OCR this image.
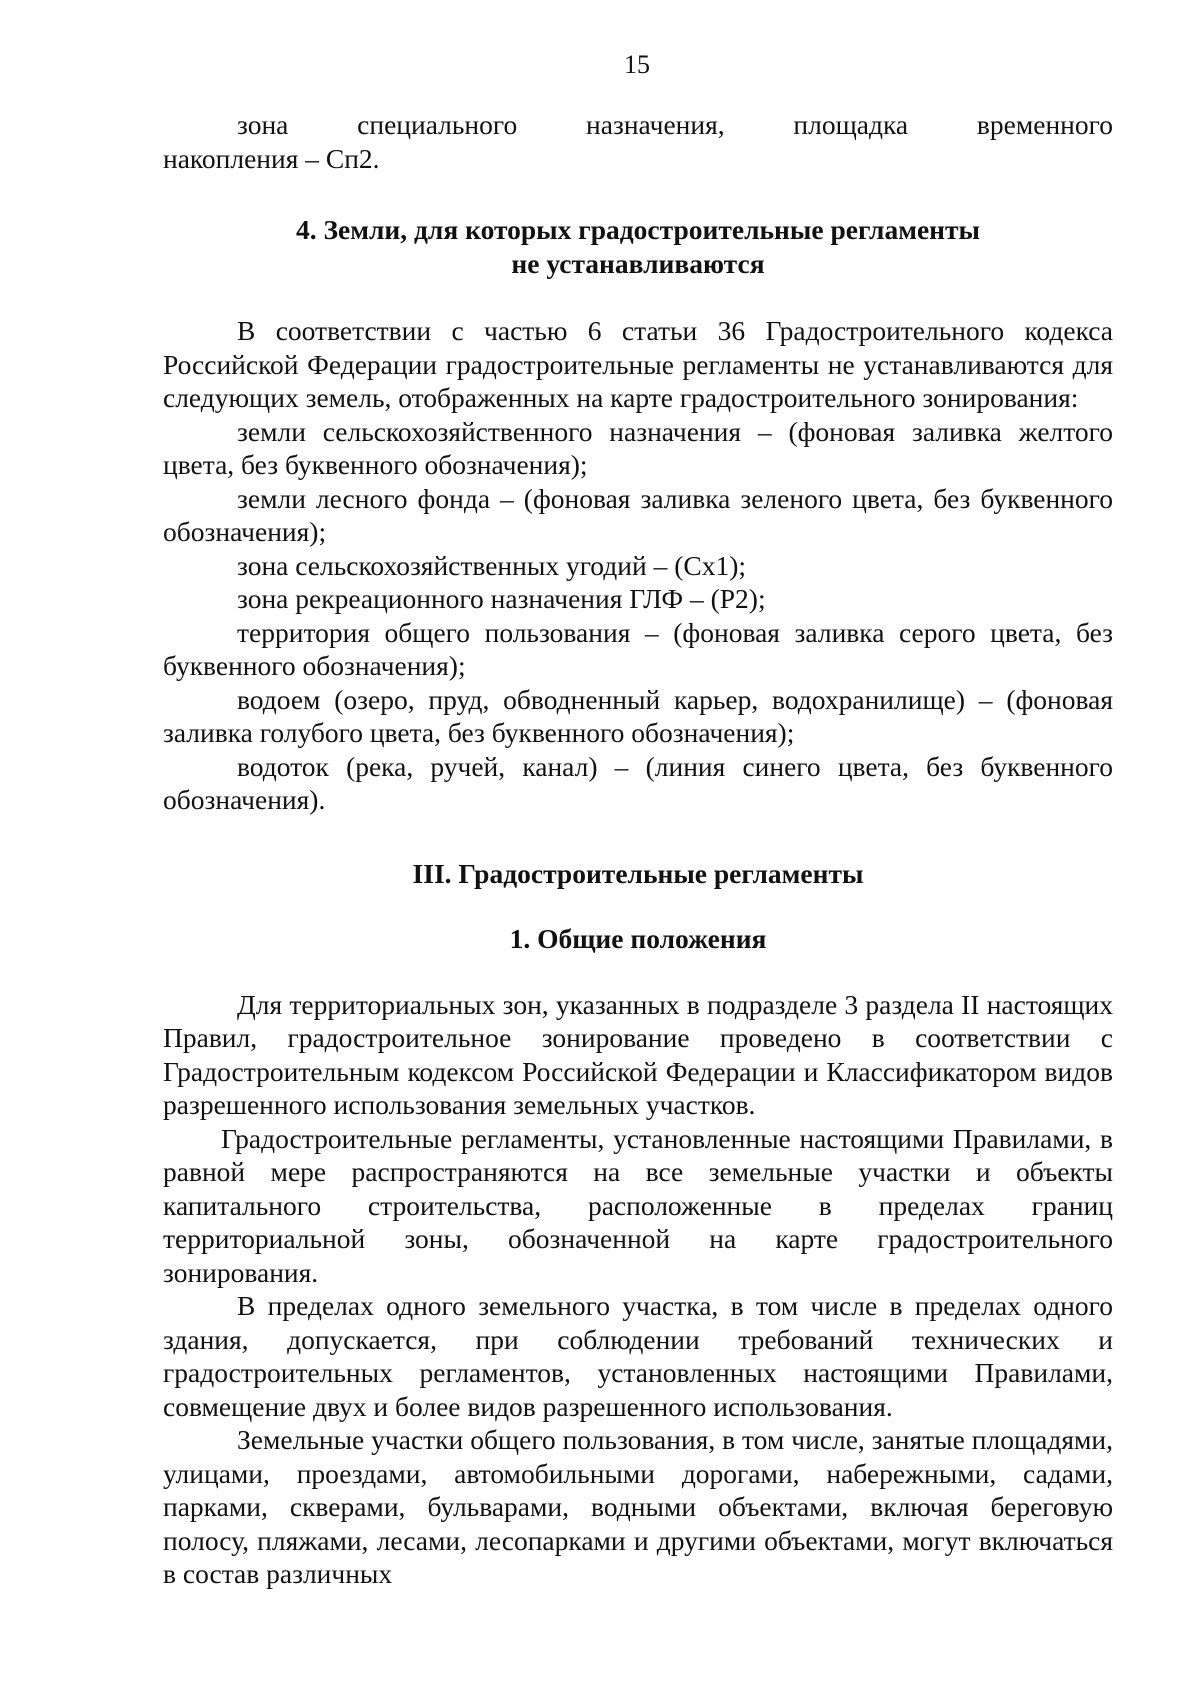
15
зона	специального	назначения,	площадка	временного

накопления – Сп2.

4. Земли, для которых градостроительные регламенты
не устанавливаются

В соответствии с частью 6 статьи 36 Градостроительного кодекса Российской Федерации градостроительные регламенты не устанавливаются для следующих земель, отображенных на карте градостроительного зонирования:

земли сельскохозяйственного назначения – (фоновая заливка желтого цвета, без буквенного обозначения);

земли лесного фонда – (фоновая заливка зеленого цвета, без буквенного обозначения);

зона сельскохозяйственных угодий – (Сх1);

зона рекреационного назначения ГЛФ – (Р2);

территория общего пользования – (фоновая заливка серого цвета, без буквенного обозначения);

водоем (озеро, пруд, обводненный карьер, водохранилище) – (фоновая заливка голубого цвета, без буквенного обозначения);

водоток (река, ручей, канал) – (линия синего цвета, без буквенного обозначения).

III. Градостроительные регламенты
1. Общие положения

Для территориальных зон, указанных в подразделе 3 раздела II настоящих Правил, градостроительное зонирование проведено в соответствии с Градостроительным кодексом Российской Федерации и Классификатором видов разрешенного использования земельных участков.

Градостроительные регламенты, установленные настоящими Правилами, в равной мере распространяются на все земельные участки и объекты капитального строительства, расположенные в пределах границ территориальной зоны, обозначенной на карте градостроительного зонирования.

В пределах одного земельного участка, в том числе в пределах одного здания, допускается, при соблюдении требований технических и градостроительных регламентов, установленных настоящими Правилами, совмещение двух и более видов разрешенного использования.

Земельные участки общего пользования, в том числе, занятые площадями, улицами, проездами, автомобильными дорогами, набережными, садами, парками, скверами, бульварами, водными объектами, включая береговую полосу, пляжами, лесами, лесопарками и другими объектами, могут включаться в состав различных
